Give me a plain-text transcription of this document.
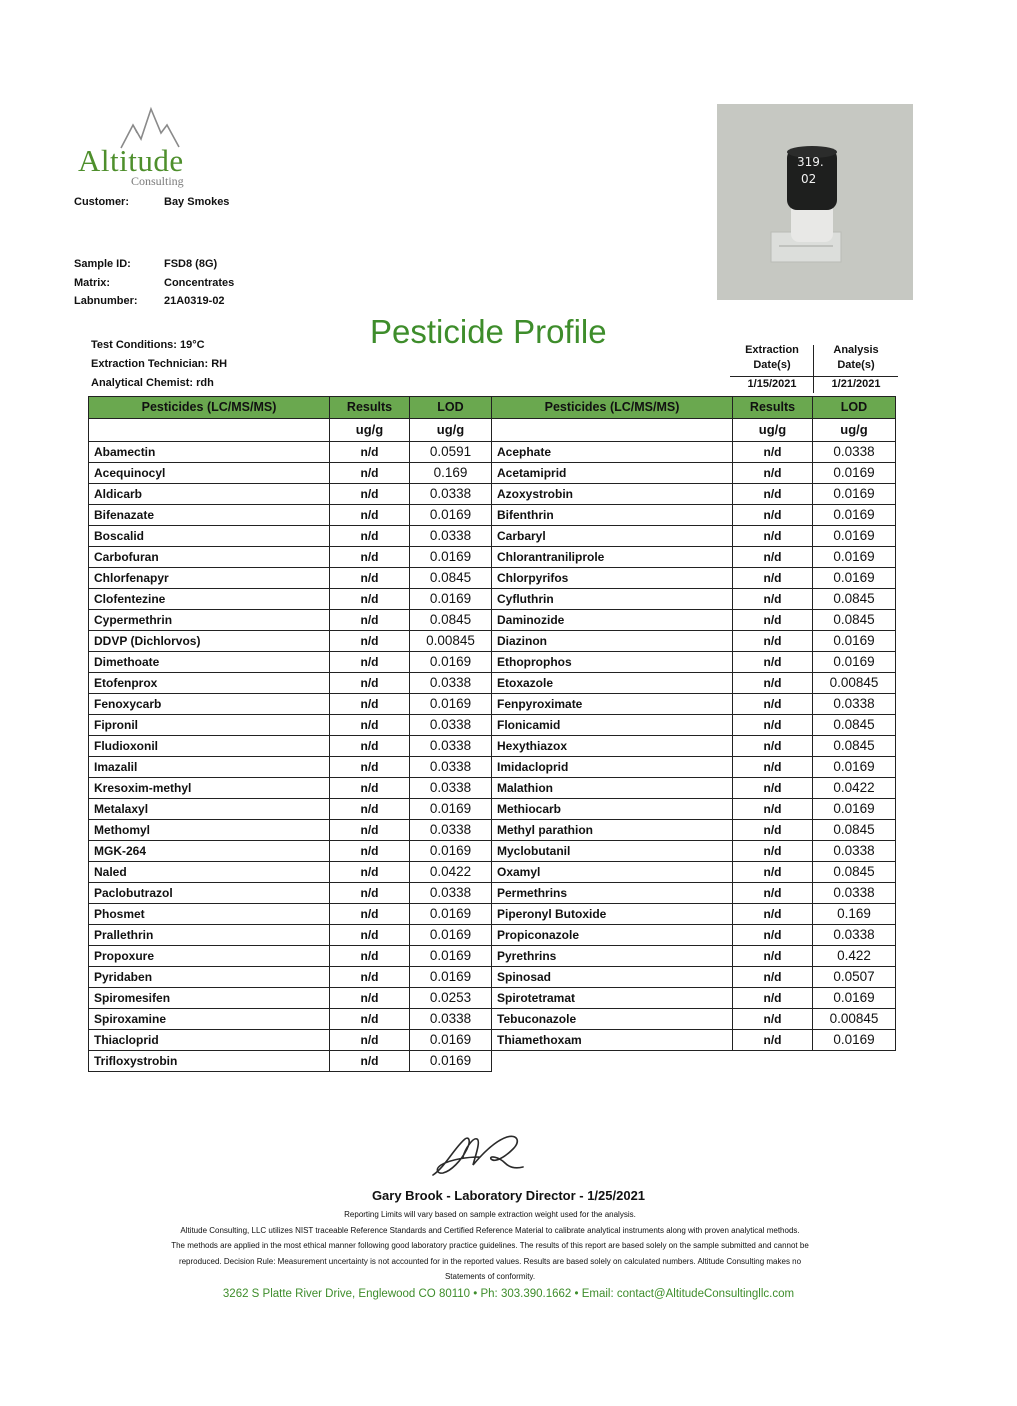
Altitude
Consulting
Customer:	Bay Smokes
Sample ID:	FSD8 (8G)
Matrix:	Concentrates
Labnumber: 21A0319-02
319.
02
Pesticide Profile
Test Conditions: 19°C
Extraction Technician: RH
Analytical Chemist: rdh
Extraction
Date(s)
1/15/2021
Analysis
Date(s)
1/21/2021
Pesticides (LC/MS/MS)	Results	LOD	Pesticides (LC/MS/MS)	Results	LOD
	ug/g	ug/g		ug/g	ug/g
Abamectin	n/d	0.0591	Acephate	n/d	0.0338
Acequinocyl	n/d	0.169	Acetamiprid	n/d	0.0169
Aldicarb	n/d	0.0338	Azoxystrobin	n/d	0.0169
Bifenazate	n/d	0.0169	Bifenthrin	n/d	0.0169
Boscalid	n/d	0.0338	Carbaryl	n/d	0.0169
Carbofuran	n/d	0.0169	Chlorantraniliprole	n/d	0.0169
Chlorfenapyr	n/d	0.0845	Chlorpyrifos	n/d	0.0169
Clofentezine	n/d	0.0169	Cyfluthrin	n/d	0.0845
Cypermethrin	n/d	0.0845	Daminozide	n/d	0.0845
DDVP (Dichlorvos)	n/d	0.00845	Diazinon	n/d	0.0169
Dimethoate	n/d	0.0169	Ethoprophos	n/d	0.0169
Etofenprox	n/d	0.0338	Etoxazole	n/d	0.00845
Fenoxycarb	n/d	0.0169	Fenpyroximate	n/d	0.0338
Fipronil	n/d	0.0338	Flonicamid	n/d	0.0845
Fludioxonil	n/d	0.0338	Hexythiazox	n/d	0.0845
Imazalil	n/d	0.0338	Imidacloprid	n/d	0.0169
Kresoxim-methyl	n/d	0.0338	Malathion	n/d	0.0422
Metalaxyl	n/d	0.0169	Methiocarb	n/d	0.0169
Methomyl	n/d	0.0338	Methyl parathion	n/d	0.0845
MGK-264	n/d	0.0169	Myclobutanil	n/d	0.0338
Naled	n/d	0.0422	Oxamyl	n/d	0.0845
Paclobutrazol	n/d	0.0338	Permethrins	n/d	0.0338
Phosmet	n/d	0.0169	Piperonyl Butoxide	n/d	0.169
Prallethrin	n/d	0.0169	Propiconazole	n/d	0.0338
Propoxure	n/d	0.0169	Pyrethrins	n/d	0.422
Pyridaben	n/d	0.0169	Spinosad	n/d	0.0507
Spiromesifen	n/d	0.0253	Spirotetramat	n/d	0.0169
Spiroxamine	n/d	0.0338	Tebuconazole	n/d	0.00845
Thiacloprid	n/d	0.0169	Thiamethoxam	n/d	0.0169
Trifloxystrobin	n/d	0.0169			
Gary Brook - Laboratory Director - 1/25/2021
Reporting Limits will vary based on sample extraction weight used for the analysis.
Altitude Consulting, LLC utilizes NIST traceable Reference Standards and Certified Reference Material to calibrate analytical instruments along with proven analytical methods.
The methods are applied in the most ethical manner following good laboratory practice guidelines. The results of this report are based solely on the sample submitted and cannot be
reproduced. Decision Rule: Measurement uncertainty is not accounted for in the reported values. Results are based solely on calculated numbers. Altitude Consulting makes no
Statements of conformity.
3262 S Platte River Drive, Englewood CO 80110 • Ph: 303.390.1662 • Email: contact@AltitudeConsultingllc.com
